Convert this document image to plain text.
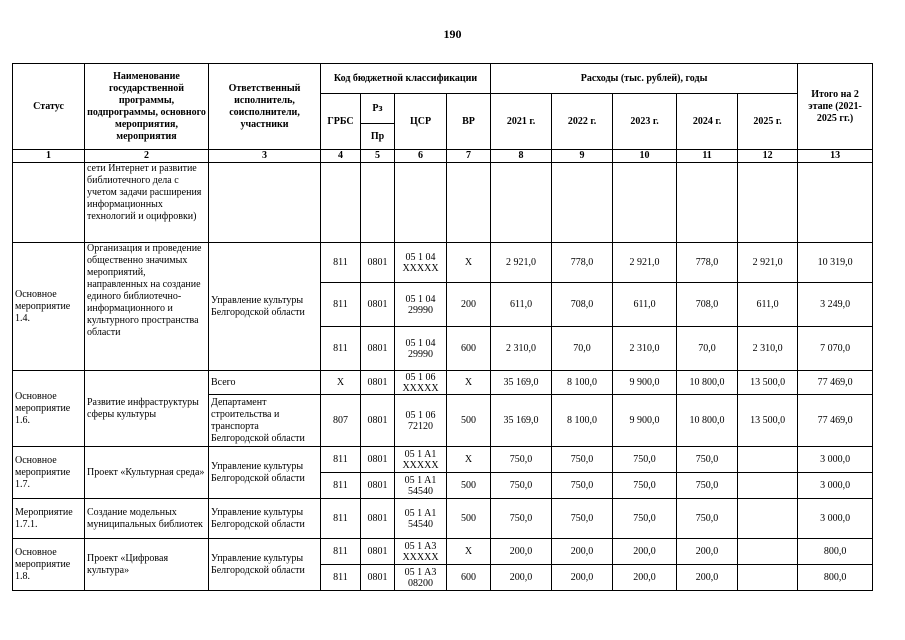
190
Статус	Наименование государственной программы, подпрограммы, основного мероприятия, мероприятия	Ответственный исполнитель, соисполнители, участники	Код бюджетной классификации				Расходы (тыс. рублей), годы					Итого на 2 этапе (2021-2025 гг.)
			ГРБС	Рз	ЦСР	ВР	2021 г.	2022 г.	2023 г.	2024 г.	2025 г.	
				Пр								
1	2	3	4	5	6	7	8	9	10	11	12	13
	сети Интернет и развитие библиотечного дела с учетом задачи расширения информационных технологий и оцифровки)											
Основное мероприятие 1.4.	Организация и проведение общественно значимых мероприятий, направленных на создание единого библиотечно-информационного и культурного пространства области	Управление культуры Белгородской области	811	0801	05 1 04 XXXXX	X	2 921,0	778,0	2 921,0	778,0	2 921,0	10 319,0
			811	0801	05 1 04 29990	200	611,0	708,0	611,0	708,0	611,0	3 249,0
			811	0801	05 1 04 29990	600	2 310,0	70,0	2 310,0	70,0	2 310,0	7 070,0
Основное мероприятие 1.6.	Развитие инфраструктуры сферы культуры	Всего	X	0801	05 1 06 XXXXX	X	35 169,0	8 100,0	9 900,0	10 800,0	13 500,0	77 469,0
		Департамент строительства и транспорта Белгородской области	807	0801	05 1 06 72120	500	35 169,0	8 100,0	9 900,0	10 800,0	13 500,0	77 469,0
Основное мероприятие 1.7.	Проект «Культурная среда»	Управление культуры Белгородской области	811	0801	05 1 A1 XXXXX	X	750,0	750,0	750,0	750,0		3 000,0
			811	0801	05 1 A1 54540	500	750,0	750,0	750,0	750,0		3 000,0
Мероприятие 1.7.1.	Создание модельных муниципальных библиотек	Управление культуры Белгородской области	811	0801	05 1 A1 54540	500	750,0	750,0	750,0	750,0		3 000,0
Основное мероприятие 1.8.	Проект «Цифровая культура»	Управление культуры Белгородской области	811	0801	05 1 A3 XXXXX	X	200,0	200,0	200,0	200,0		800,0
			811	0801	05 1 A3 08200	600	200,0	200,0	200,0	200,0		800,0
